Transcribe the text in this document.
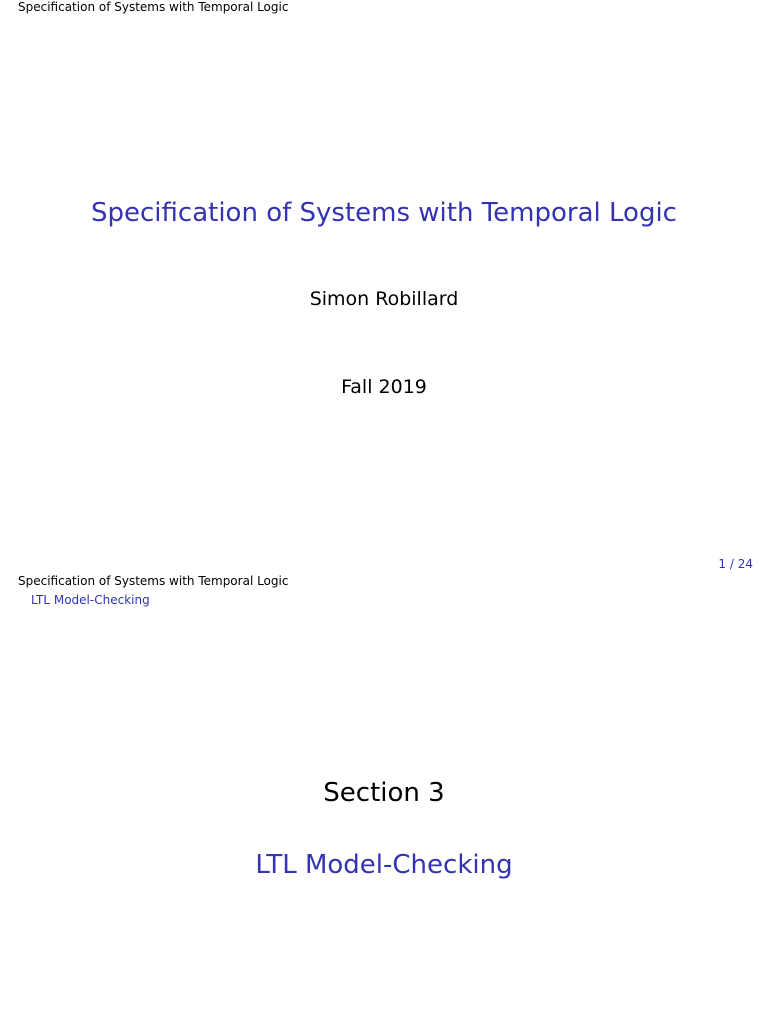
Specification of Systems with Temporal Logic
Specification of Systems with Temporal Logic
Simon Robillard
Fall 2019
1 / 24
Specification of Systems with Temporal Logic
LTL Model-Checking
Section 3
LTL Model-Checking
